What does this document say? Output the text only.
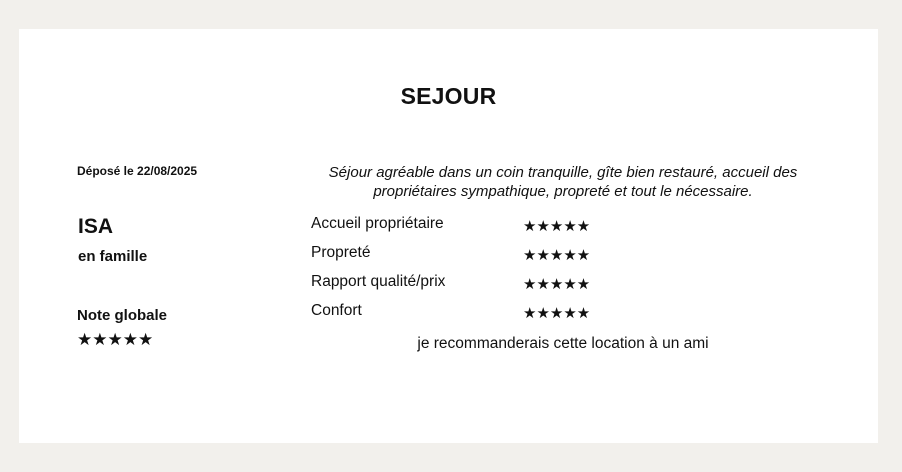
SEJOUR
Déposé le 22/08/2025
ISA
en famille
Note globale
★★★★★
Séjour agréable dans un coin tranquille, gîte bien restauré, accueil des propriétaires sympathique, propreté et tout le nécessaire.
Accueil propriétaire	★★★★★
Propreté	★★★★★
Rapport qualité/prix	★★★★★
Confort	★★★★★
je recommanderais cette location à un ami
